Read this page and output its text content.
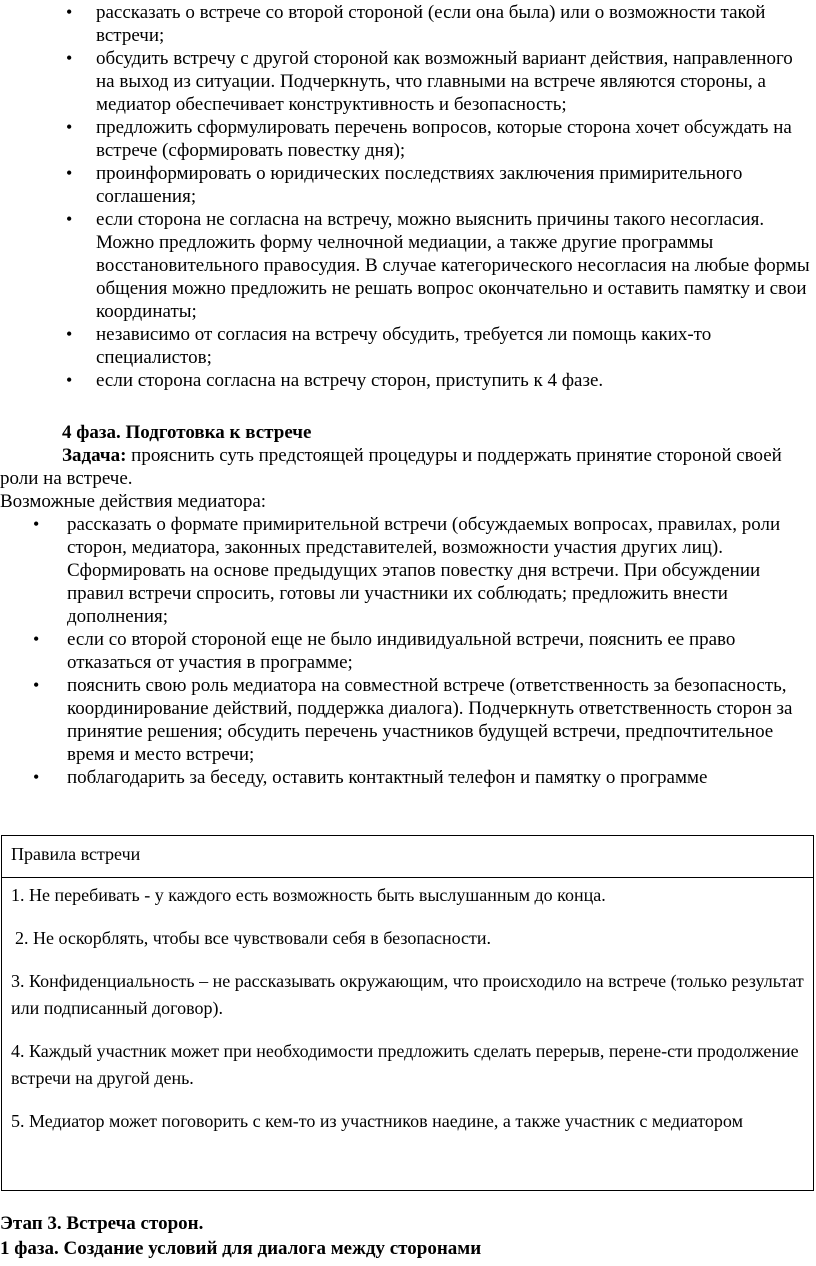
• рассказать о встрече со второй стороной (если она была) или о возможности такой встречи;
• обсудить встречу с другой стороной как возможный вариант действия, направленного на выход из ситуации. Подчеркнуть, что главными на встрече являются стороны, а медиатор обеспечивает конструктивность и безопасность;
• предложить сформулировать перечень вопросов, которые сторона хочет обсуждать на встрече (сформировать повестку дня);
• проинформировать о юридических последствиях заключения примирительного соглашения;
• если сторона не согласна на встречу, можно выяснить причины такого несогласия. Можно предложить форму челночной медиации, а также другие программы восстановительного правосудия. В случае категорического несогласия на любые формы общения можно предложить не решать вопрос окончательно и оставить памятку и свои координаты;
• независимо от согласия на встречу обсудить, требуется ли помощь каких-то специалистов;
• если сторона согласна на встречу сторон, приступить к 4 фазе.
4 фаза. Подготовка к встрече
Задача: прояснить суть предстоящей процедуры и поддержать принятие стороной своей роли на встрече.
Возможные действия медиатора:
• рассказать о формате примирительной встречи (обсуждаемых вопросах, правилах, роли сторон, медиатора, законных представителей, возможности участия других лиц). Сформировать на основе предыдущих этапов повестку дня встречи. При обсуждении правил встречи спросить, готовы ли участники их соблюдать; предложить внести дополнения;
• если со второй стороной еще не было индивидуальной встречи, пояснить ее право отказаться от участия в программе;
• пояснить свою роль медиатора на совместной встрече (ответственность за безопасность, координирование действий, поддержка диалога). Подчеркнуть ответственность сторон за принятие решения; обсудить перечень участников будущей встречи, предпочтительное время и место встречи;
• поблагодарить за беседу, оставить контактный телефон и памятку о программе
Правила встречи

1. Не перебивать - у каждого есть возможность быть выслушанным до конца.

2. Не оскорблять, чтобы все чувствовали себя в безопасности.

3. Конфиденциальность – не рассказывать окружающим, что происходило на встрече (только результат или подписанный договор).

4. Каждый участник может при необходимости предложить сделать перерыв, перене-сти продолжение встречи на другой день.

5. Медиатор может поговорить с кем-то из участников наедине, а также участник с медиатором

Этап 3. Встреча сторон.
1 фаза. Создание условий для диалога между сторонами
